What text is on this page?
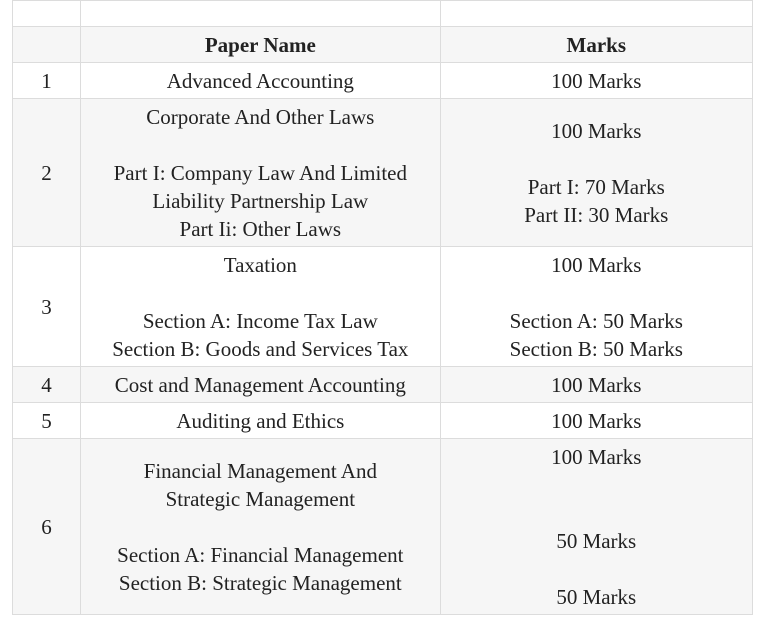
	Paper Name	Marks
1	Advanced Accounting	100 Marks

2	Corporate And Other Laws
Part I: Company Law And Limited
Liability Partnership Law
Part Ii: Other Laws	100 Marks
Part I: 70 Marks
Part II: 30 Marks

3	Taxation
Section A: Income Tax Law
Section B: Goods and Services Tax	100 Marks
Section A: 50 Marks
Section B: 50 Marks

4	Cost and Management Accounting	100 Marks

5	Auditing and Ethics	100 Marks

6	Financial Management And
Strategic Management
Section A: Financial Management
Section B: Strategic Management	100 Marks
50 Marks
50 Marks
